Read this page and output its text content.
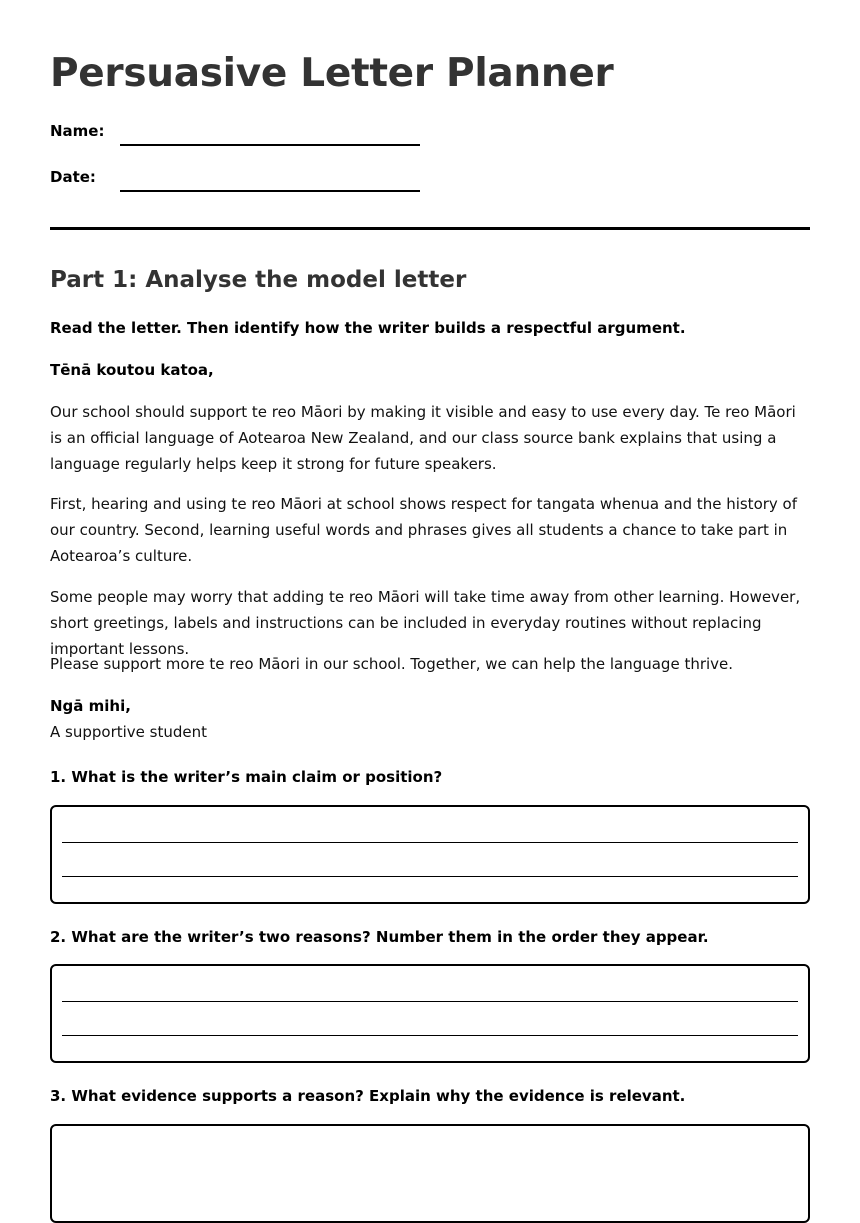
Persuasive Letter Planner
Name:
Date:
Part 1: Analyse the model letter
Read the letter. Then identify how the writer builds a respectful argument.
Tēnā koutou katoa,

Our school should support te reo Māori by making it visible and easy to use every day. Te reo Māori is an official language of Aotearoa New Zealand, and our class source bank explains that using a language regularly helps keep it strong for future speakers.

First, hearing and using te reo Māori at school shows respect for tangata whenua and the history of our country. Second, learning useful words and phrases gives all students a chance to take part in Aotearoa’s culture.

Some people may worry that adding te reo Māori will take time away from other learning. However, short greetings, labels and instructions can be included in everyday routines without replacing important lessons.

Please support more te reo Māori in our school. Together, we can help the language thrive.

Ngā mihi,
A supportive student
1. What is the writer’s main claim or position?
2. What are the writer’s two reasons? Number them in the order they appear.
3. What evidence supports a reason? Explain why the evidence is relevant.
